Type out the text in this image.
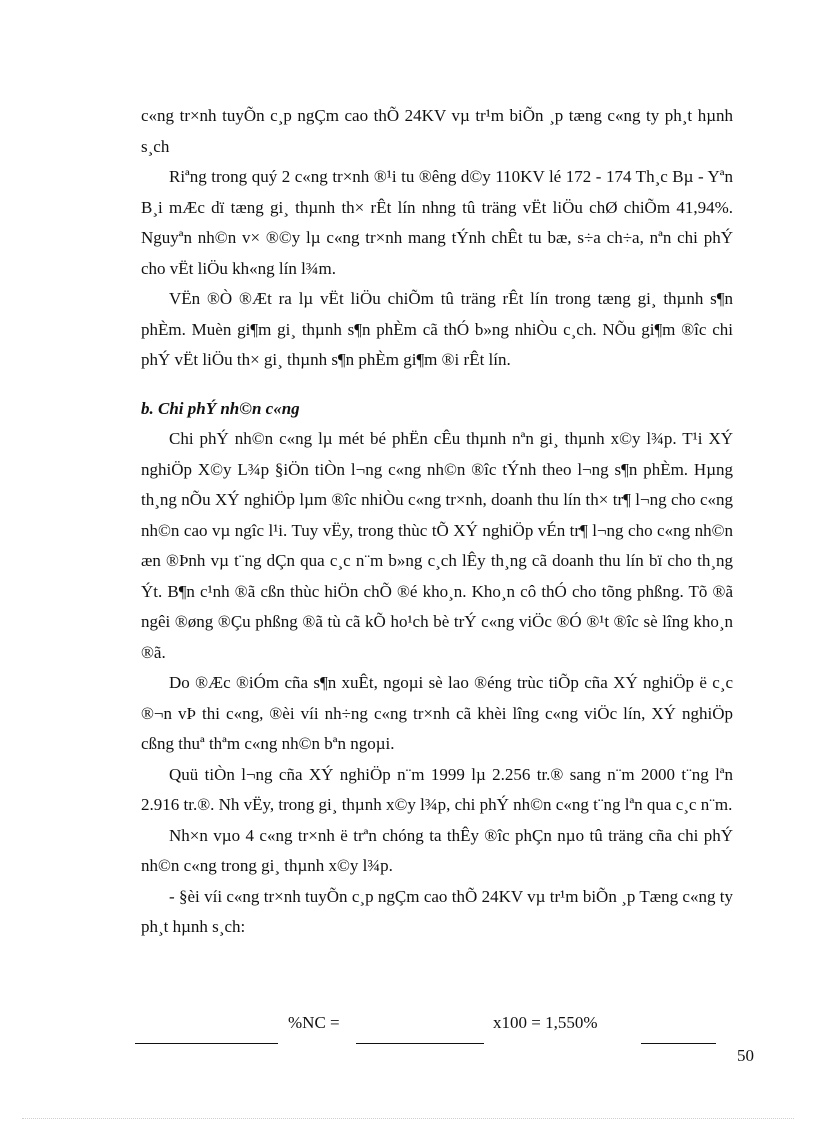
c«ng tr×nh tuyÕn c¸p ngÇm cao thÕ 24KV vµ tr¹m biÕn ¸p tæng c«ng ty ph¸t hµnh s¸ch

Riªng trong quý 2 c«ng tr×nh ®¹i tu ®êng d©y 110KV lé 172 - 174 Th¸c Bµ - Yªn B¸i mÆc dï tæng gi¸ thµnh th× rÊt lín nhng tû träng vËt liÖu chØ chiÕm 41,94%. Nguyªn nh©n v× ®©y lµ c«ng tr×nh mang tÝnh chÊt tu bæ, s÷a ch÷a, nªn chi phÝ cho vËt liÖu kh«ng lín l¾m.

VËn ®Ò ®Æt ra lµ vËt liÖu chiÕm tû träng rÊt lín trong tæng gi¸ thµnh s¶n phÈm. Muèn gi¶m gi¸ thµnh s¶n phÈm cã thÓ b»ng nhiÒu c¸ch. NÕu gi¶m ®îc chi phÝ vËt liÖu th× gi¸ thµnh s¶n phÈm gi¶m ®i rÊt lín.

b. Chi phÝ nh©n c«ng

Chi phÝ nh©n c«ng lµ mét bé phËn cÊu thµnh nªn gi¸ thµnh x©y l¾p. T¹i XÝ nghiÖp X©y L¾p §iÖn tiÒn l¬ng c«ng nh©n ®îc tÝnh theo l¬ng s¶n phÈm. Hµng th¸ng nÕu XÝ nghiÖp lµm ®îc nhiÒu c«ng tr×nh, doanh thu lín th× tr¶ l¬ng cho c«ng nh©n cao vµ ngîc l¹i. Tuy vËy, trong thùc tÕ XÝ nghiÖp vÉn tr¶ l¬ng cho c«ng nh©n æn ®Þnh vµ t¨ng dÇn qua c¸c n¨m b»ng c¸ch lÊy th¸ng cã doanh thu lín bï cho th¸ng Ýt. B¶n c¹nh ®ã cßn thùc hiÖn chÕ ®é kho¸n. Kho¸n cô thÓ cho tõng phßng. Tõ ®ã ngêi ®øng ®Çu phßng ®ã tù cã kÕ ho¹ch bè trÝ c«ng viÖc ®Ó ®¹t ®îc sè lîng kho¸n ®ã.

Do ®Æc ®iÓm cña s¶n xuÊt, ngoµi sè lao ®éng trùc tiÕp cña XÝ nghiÖp ë c¸c ®¬n vÞ thi c«ng, ®èi víi nh÷ng c«ng tr×nh cã khèi lîng c«ng viÖc lín, XÝ nghiÖp cßng thuª thªm c«ng nh©n bªn ngoµi.

Quü tiÒn l¬ng cña XÝ nghiÖp n¨m 1999 lµ 2.256 tr.® sang n¨m 2000 t¨ng lªn 2.916 tr.®. Nh vËy, trong gi¸ thµnh x©y l¾p, chi phÝ nh©n c«ng t¨ng lªn qua c¸c n¨m.

Nh×n vµo 4 c«ng tr×nh ë trªn chóng ta thÊy ®îc phÇn nµo tû träng cña chi phÝ nh©n c«ng trong gi¸ thµnh x©y l¾p.

- §èi víi c«ng tr×nh tuyÕn c¸p ngÇm cao thÕ 24KV vµ tr¹m biÕn ¸p Tæng c«ng ty ph¸t hµnh s¸ch:

%NC =	x100 = 1,550%
50
